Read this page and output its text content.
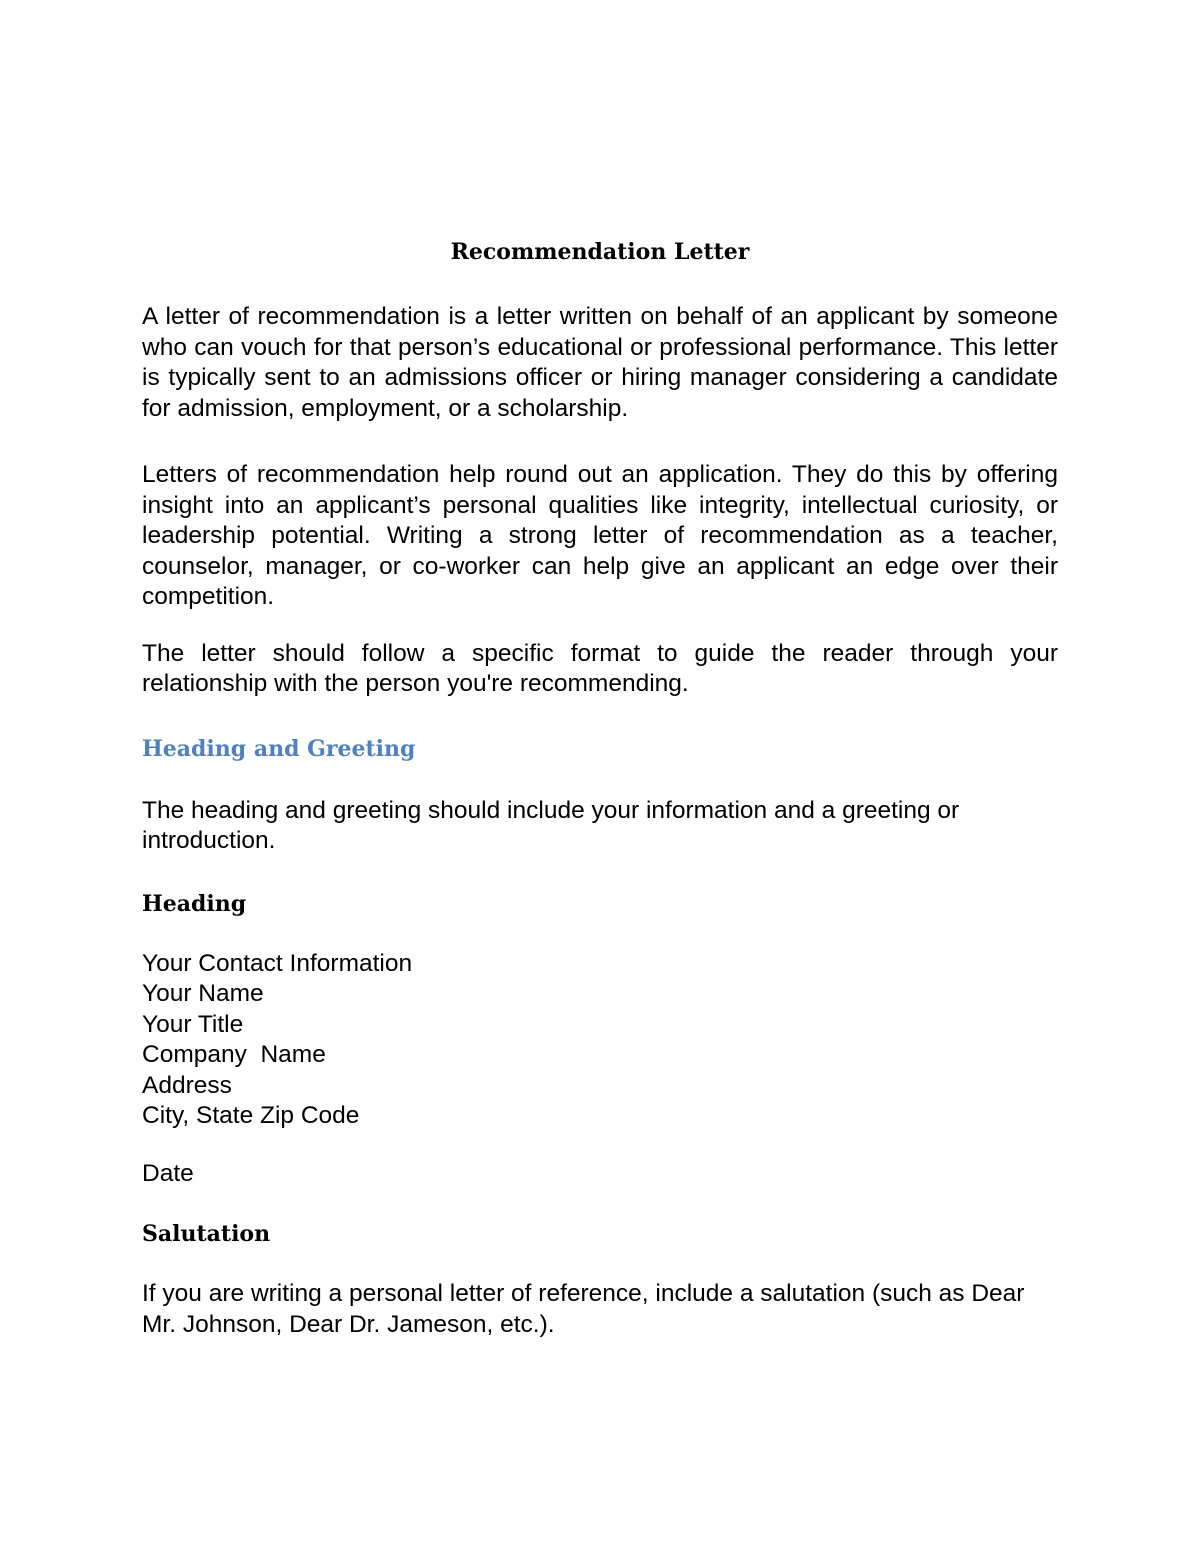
Recommendation Letter

A letter of recommendation is a letter written on behalf of an applicant by someone who can vouch for that person’s educational or professional performance. This letter is typically sent to an admissions officer or hiring manager considering a candidate for admission, employment, or a scholarship.

Letters of recommendation help round out an application. They do this by offering insight into an applicant’s personal qualities like integrity, intellectual curiosity, or leadership potential. Writing a strong letter of recommendation as a teacher, counselor, manager, or co-worker can help give an applicant an edge over their competition.

The letter should follow a specific format to guide the reader through your relationship with the person you're recommending.

Heading and Greeting

The heading and greeting should include your information and a greeting or introduction.

Heading
Your Contact Information
Your Name
Your Title
Company  Name
Address
City, State Zip Code

Date

Salutation

If you are writing a personal letter of reference, include a salutation (such as Dear Mr. Johnson, Dear Dr. Jameson, etc.).
